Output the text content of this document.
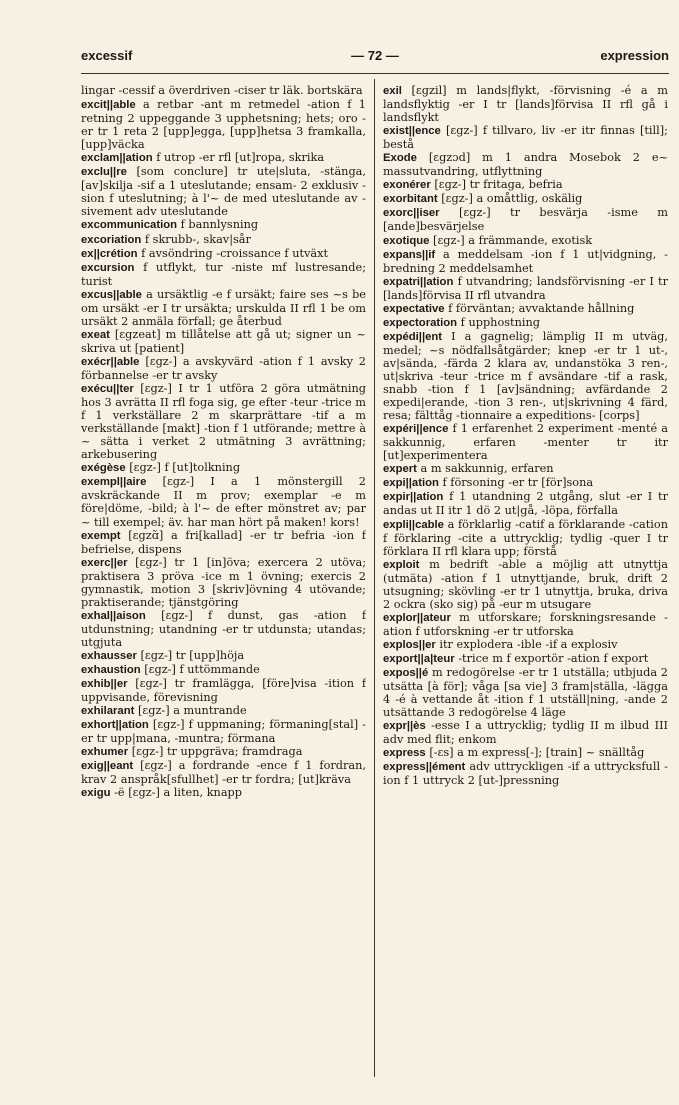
excessif	— 72 —	expression

lingar -cessif a överdriven -ciser tr läk. bortskära

excit||able a retbar -ant m retmedel -ation f 1 retning 2 uppeggande 3 upphetsning; hets; oro -er tr 1 reta 2 [upp]egga, [upp]hetsa 3 framkalla, [upp]väcka

exclam||ation f utrop -er rfl [ut]ropa, skrika

exclu||re [som conclure] tr ute|sluta, -stänga, [av]skilja -sif a 1 uteslutande; ensam- 2 exklusiv -sion f uteslutning; à l'~ de med uteslutande av -sivement adv uteslutande

excommunication f bannlysning

excoriation f skrubb-, skav|sår

ex||crétion f avsöndring -croissance f utväxt

excursion f utflykt, tur -niste mf lustresande; turist

excus||able a ursäktlig -e f ursäkt; faire ses ~s be om ursäkt -er I tr ursäkta; urskulda II rfl 1 be om ursäkt 2 anmäla förfall; ge återbud

exeat [ɛgzeat] m tillåtelse att gå ut; signer un ~ skriva ut [patient]

exécr||able [ɛgz-] a avskyvärd -ation f 1 avsky 2 förbannelse -er tr avsky

exécu||ter [ɛgz-] I tr 1 utföra 2 göra utmätning hos 3 avrätta II rfl foga sig, ge efter -teur -trice m f 1 verkställare 2 m skarprättare -tif a m verkställande [makt] -tion f 1 utförande; mettre à ~ sätta i verket 2 utmätning 3 avrättning; arkebusering

exégèse [ɛgz-] f [ut]tolkning

exempl||aire [ɛgz-] I a 1 mönstergill 2 avskräckande II m prov; exemplar -e m före|döme, -bild; à l'~ de efter mönstret av; par ~ till exempel; äv. har man hört på maken! kors!

exempt [ɛgzɑ̃] a fri[kallad] -er tr befria -ion f befrielse, dispens

exerc||er [ɛgz-] tr 1 [in]öva; exercera 2 utöva; praktisera 3 pröva -ice m 1 övning; exercis 2 gymnastik, motion 3 [skriv]övning 4 utövande; praktiserande; tjänstgöring

exhal||aison [ɛgz-] f dunst, gas -ation f utdunstning; utandning -er tr utdunsta; utandas; utgjuta

exhausser [ɛgz-] tr [upp]höja

exhaustion [ɛgz-] f uttömmande

exhib||er [ɛgz-] tr framlägga, [före]visa -ition f uppvisande, förevisning

exhilarant [ɛgz-] a muntrande

exhort||ation [ɛgz-] f uppmaning; förmaning[stal] -er tr upp|mana, -muntra; förmana

exhumer [ɛgz-] tr uppgräva; framdraga

exig||eant [ɛgz-] a fordrande -ence f 1 fordran, krav 2 anspråk[sfullhet] -er tr fordra; [ut]kräva

exigu -ë [ɛgz-] a liten, knapp

exil [ɛgzil] m lands|flykt, -förvisning -é a m landsflyktig -er I tr [lands]förvisa II rfl gå i landsflykt

exist||ence [ɛgz-] f tillvaro, liv -er itr finnas [till]; bestå

Exode [ɛgzɔd] m 1 andra Mosebok 2 e~ massutvandring, utflyttning

exonérer [ɛgz-] tr fritaga, befria

exorbitant [ɛgz-] a omåttlig, oskälig

exorc||iser [ɛgz-] tr besvärja -isme m [ande]besvärjelse

exotique [ɛgz-] a främmande, exotisk

expans||if a meddelsam -ion f 1 ut|vidgning, -bredning 2 meddelsamhet

expatri||ation f utvandring; landsförvisning -er I tr [lands]förvisa II rfl utvandra

expectative f förväntan; avvaktande hållning

expectoration f upphostning

expédi||ent I a gagnelig; lämplig II m utväg, medel; ~s nödfallsåtgärder; knep -er tr 1 ut-, av|sända, -färda 2 klara av, undanstöka 3 ren-, ut|skriva -teur -trice m f avsändare -tif a rask, snabb -tion f 1 [av]sändning; avfärdande 2 expedi|erande, -tion 3 ren-, ut|skrivning 4 färd, resa; fälttåg -tionnaire a expeditions- [corps]

expéri||ence f 1 erfarenhet 2 experiment -menté a sakkunnig, erfaren -menter tr itr [ut]experimentera

expert a m sakkunnig, erfaren

expi||ation f försoning -er tr [för]sona

expir||ation f 1 utandning 2 utgång, slut -er I tr andas ut II itr 1 dö 2 ut|gå, -löpa, förfalla

expli||cable a förklarlig -catif a förklarande -cation f förklaring -cite a uttrycklig; tydlig -quer I tr förklara II rfl klara upp; förstå

exploit m bedrift -able a möjlig att utnyttja (utmäta) -ation f 1 utnyttjande, bruk, drift 2 utsugning; skövling -er tr 1 utnyttja, bruka, driva 2 ockra (sko sig) på -eur m utsugare

explor||ateur m utforskare; forskningsresande -ation f utforskning -er tr utforska

explos||er itr explodera -ible -if a explosiv

export||a|teur -trice m f exportör -ation f export

expos||é m redogörelse -er tr 1 utställa; utbjuda 2 utsätta [à för]; våga [sa vie] 3 fram|ställa, -lägga 4 -é à vettande åt -ition f 1 utställ|ning, -ande 2 utsättande 3 redogörelse 4 läge

expr||ès -esse I a uttrycklig; tydlig II m ilbud III adv med flit; enkom

express [-ɛs] a m express[-]; [train] ~ snälltåg

express||ément adv uttryckligen -if a uttrycksfull -ion f 1 uttryck 2 [ut-]pressning
